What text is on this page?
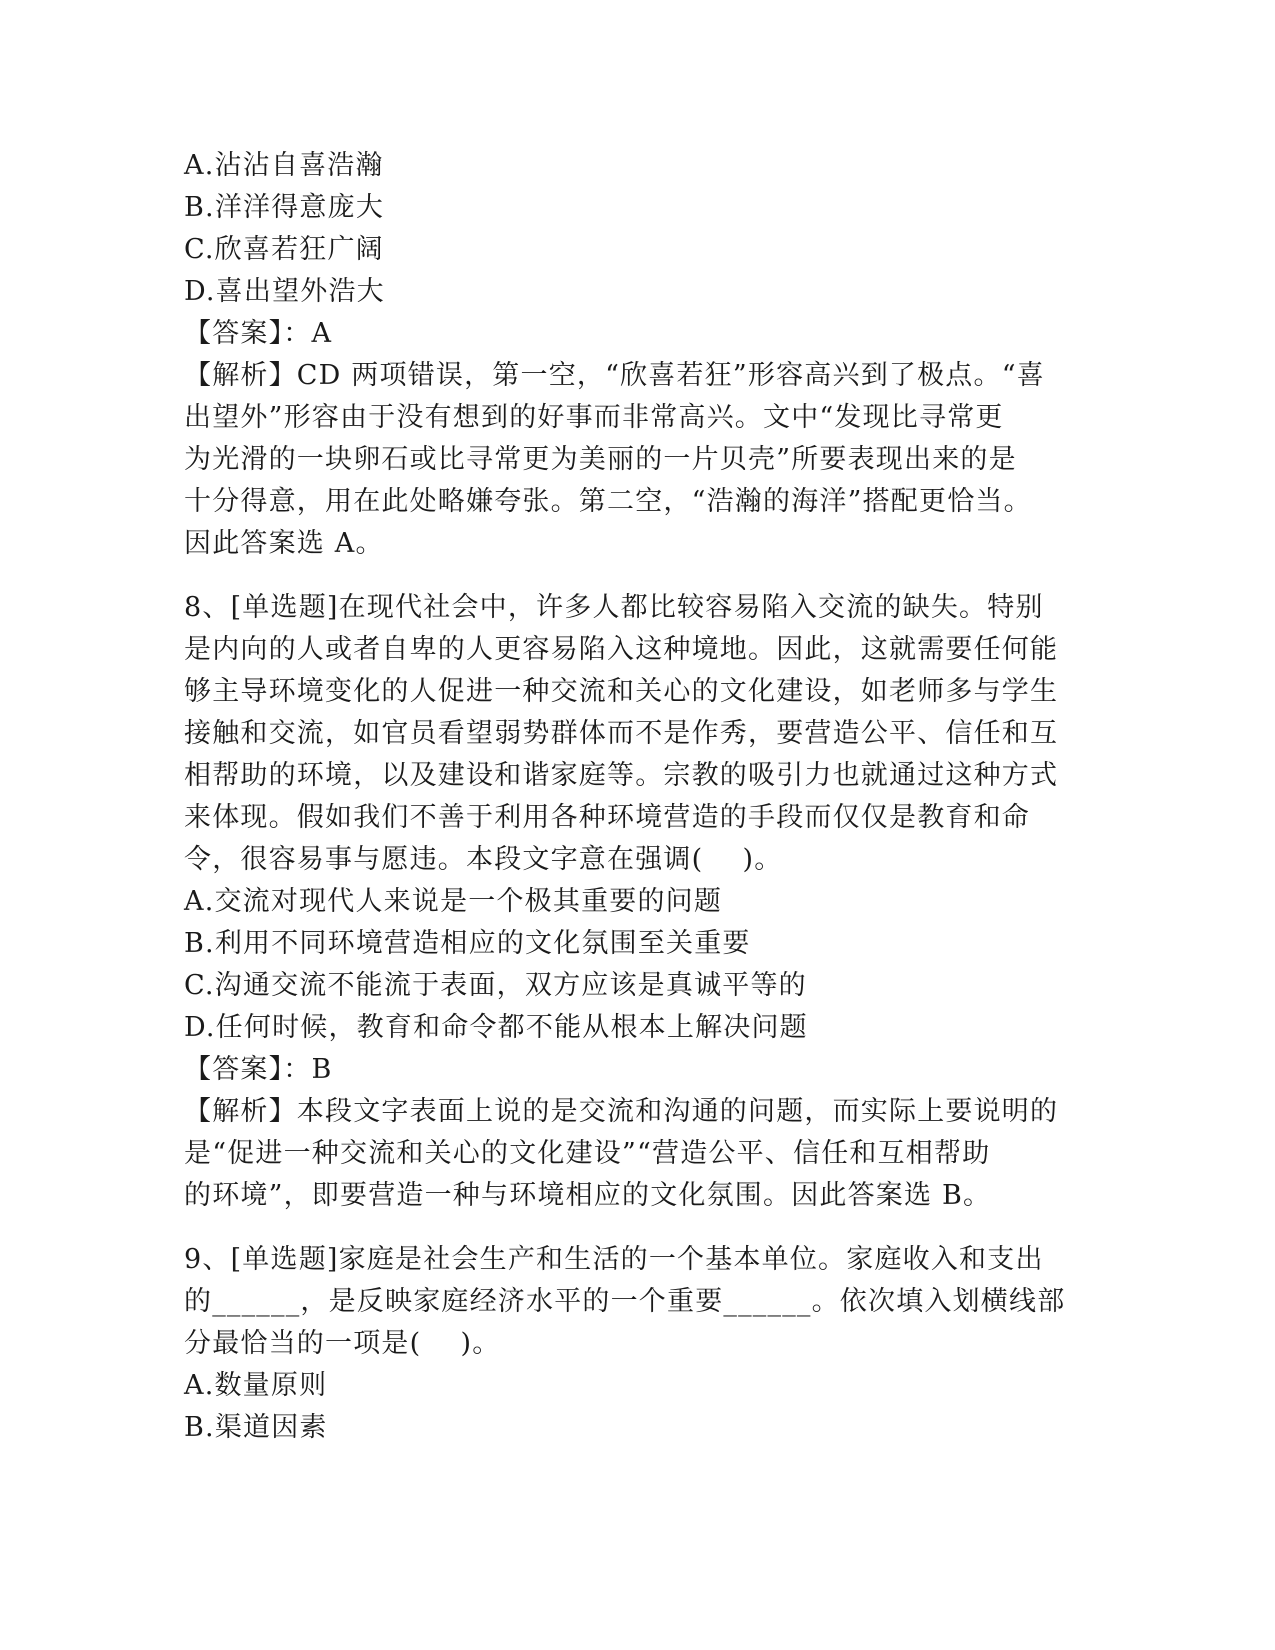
A.沾沾自喜浩瀚
B.洋洋得意庞大
C.欣喜若狂广阔
D.喜出望外浩大
【答案】：A
【解析】CD 两项错误，第一空，“欣喜若狂”形容高兴到了极点。“喜
出望外”形容由于没有想到的好事而非常高兴。文中“发现比寻常更
为光滑的一块卵石或比寻常更为美丽的一片贝壳”所要表现出来的是
十分得意，用在此处略嫌夸张。第二空，“浩瀚的海洋”搭配更恰当。
因此答案选 A。
8、[单选题]在现代社会中，许多人都比较容易陷入交流的缺失。特别
是内向的人或者自卑的人更容易陷入这种境地。因此，这就需要任何能
够主导环境变化的人促进一种交流和关心的文化建设，如老师多与学生
接触和交流，如官员看望弱势群体而不是作秀，要营造公平、信任和互
相帮助的环境，以及建设和谐家庭等。宗教的吸引力也就通过这种方式
来体现。假如我们不善于利用各种环境营造的手段而仅仅是教育和命
令，很容易事与愿违。本段文字意在强调(    )。
A.交流对现代人来说是一个极其重要的问题
B.利用不同环境营造相应的文化氛围至关重要
C.沟通交流不能流于表面，双方应该是真诚平等的
D.任何时候，教育和命令都不能从根本上解决问题
【答案】：B
【解析】本段文字表面上说的是交流和沟通的问题，而实际上要说明的
是“促进一种交流和关心的文化建设”“营造公平、信任和互相帮助
的环境”，即要营造一种与环境相应的文化氛围。因此答案选 B。
9、[单选题]家庭是社会生产和生活的一个基本单位。家庭收入和支出
的______，是反映家庭经济水平的一个重要______。依次填入划横线部
分最恰当的一项是(    )。
A.数量原则
B.渠道因素
